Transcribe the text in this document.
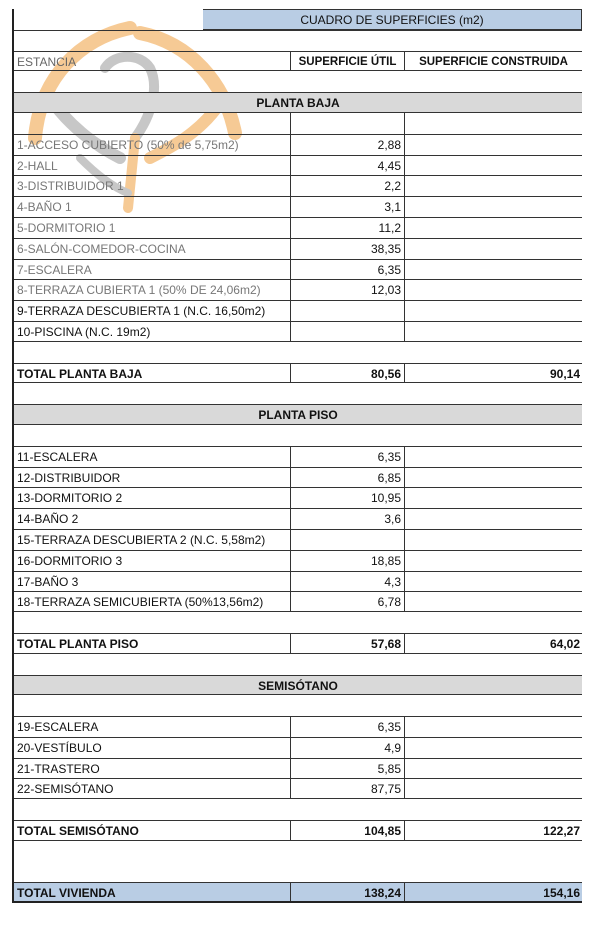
CUADRO DE SUPERFICIES (m2)
ESTANCIA	SUPERFICIE ÚTIL	SUPERFICIE CONSTRUIDA
PLANTA BAJA
1-ACCESO CUBIERTO (50% de 5,75m2)	2,88
2-HALL	4,45
3-DISTRIBUIDOR 1	2,2
4-BAÑO 1	3,1
5-DORMITORIO 1	11,2
6-SALÓN-COMEDOR-COCINA	38,35
7-ESCALERA	6,35
8-TERRAZA CUBIERTA 1 (50% DE 24,06m2)	12,03
9-TERRAZA DESCUBIERTA 1 (N.C. 16,50m2)
10-PISCINA (N.C. 19m2)
TOTAL PLANTA BAJA	80,56	90,14
PLANTA PISO
11-ESCALERA	6,35
12-DISTRIBUIDOR	6,85
13-DORMITORIO 2	10,95
14-BAÑO 2	3,6
15-TERRAZA DESCUBIERTA 2 (N.C. 5,58m2)
16-DORMITORIO 3	18,85
17-BAÑO 3	4,3
18-TERRAZA SEMICUBIERTA (50%13,56m2)	6,78
TOTAL PLANTA PISO	57,68	64,02
SEMISÓTANO
19-ESCALERA	6,35
20-VESTÍBULO	4,9
21-TRASTERO	5,85
22-SEMISÓTANO	87,75
TOTAL SEMISÓTANO	104,85	122,27
TOTAL VIVIENDA	138,24	154,16
